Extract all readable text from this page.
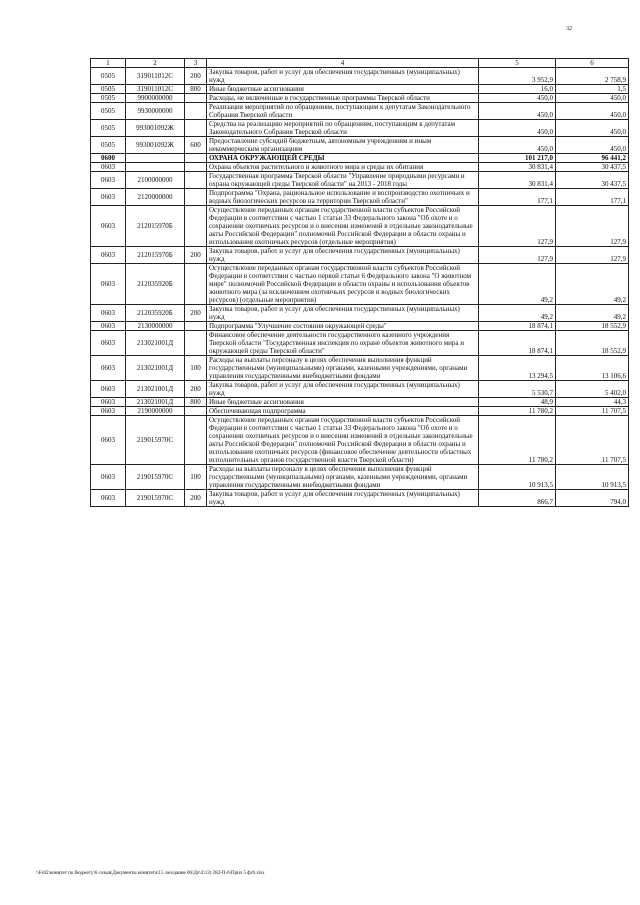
32
1	2	3	4	5	6
0505	319011012С	200	Закупка товаров, работ и услуг для обеспечения государственных (муниципальных) нужд	3 952,9	2 758,9
0505	319011012С	800	Иные бюджетные ассигнования	16,0	1,5
0505	9900000000		Расходы, не включенные в государственные программы Тверской области	450,0	450,0
0505	9930000000		Реализация мероприятий по обращениям, поступающим к депутатам Законодательного Собрания Тверской области	450,0	450,0
0505	993001092Ж		Средства на реализацию мероприятий по обращениям, поступающим к депутатам Законодательного Собрания Тверской области	450,0	450,0
0505	993001092Ж	600	Предоставление субсидий бюджетным, автономным учреждениям и иным некоммерческим организациям	450,0	450,0
0600			ОХРАНА ОКРУЖАЮЩЕЙ СРЕДЫ	101 217,0	96 441,2
0603			Охрана объектов растительного и животного мира и среды их обитания	30 831,4	30 437,5
0603	2100000000		Государственная программа Тверской области "Управление природными ресурсами и охрана окружающей среды Тверской области" на 2013 - 2018 годы	30 831,4	30 437,5
0603	2120000000		Подпрограмма "Охрана, рациональное использование и воспроизводство охотничьих и водных биологических ресурсов на территории Тверской области"	177,1	177,1
0603	212015970Б		Осуществление переданных органам государственной власти субъектов Российской Федерации в соответствии с частью 1 статьи 33 Федерального закона "Об охоте и о сохранении охотничьих ресурсов и о внесении изменений в отдельные законодательные акты Российской Федерации" полномочий Российской Федерации в области охраны и использования охотничьих ресурсов (отдельные мероприятия)	127,9	127,9
0603	212015970Б	200	Закупка товаров, работ и услуг для обеспечения государственных (муниципальных) нужд	127,9	127,9
0603	212035920Б		Осуществление переданных органам государственной власти субъектов Российской Федерации в соответствии с частью первой статьи 6 Федерального закона "О животном мире" полномочий Российской Федерации в области охраны и использования объектов животного мира (за исключением охотничьих ресурсов и водных биологических ресурсов) (отдельные мероприятия)	49,2	49,2
0603	212035920Б	200	Закупка товаров, работ и услуг для обеспечения государственных (муниципальных) нужд	49,2	49,2
0603	2130000000		Подпрограмма "Улучшение состояния окружающей среды"	18 874,1	18 552,9
0603	213021001Д		Финансовое обеспечение деятельности государственного казенного учреждения Тверской области "Государственная инспекция по охране объектов животного мира и окружающей среды Тверской области"	18 874,1	18 552,9
0603	213021001Д	100	Расходы на выплаты персоналу в целях обеспечения выполнения функций государственными (муниципальными) органами, казенными учреждениями, органами управления государственными внебюджетными фондами	13 294,5	13 106,6
0603	213021001Д	200	Закупка товаров, работ и услуг для обеспечения государственных (муниципальных) нужд	5 530,7	5 402,0
0603	213021001Д	800	Иные бюджетные ассигнования	48,9	44,3
0603	2190000000		Обеспечивающая подпрограмма	11 780,2	11 707,5
0603	219015970С		Осуществление переданных органам государственной власти субъектов Российской Федерации в соответствии с частью 1 статьи 33 Федерального закона "Об охоте и о сохранении охотничьих ресурсов и о внесении изменений в отдельные законодательные акты Российской Федерации" полномочий Российской Федерации в области охраны и использования охотничьих ресурсов (финансовое обеспечение деятельности областных исполнительных органов государственной власти Тверской области)	11 780,2	11 707,5
0603	219015970С	100	Расходы на выплаты персоналу в целях обеспечения выполнения функций государственными (муниципальными) органами, казенными учреждениями, органами управления государственными внебюджетными фондами	10 913,5	10 913,5
0603	219015970С	200	Закупка товаров, работ и услуг для обеспечения государственных (муниципальных) нужд	866,7	794,0
\\Fs02\комитет по бюджету\6 созыв\Документы комитета\15 заседание 06\Дп\2\13) 282-П-6\Прил 5 фз9.xlsx
